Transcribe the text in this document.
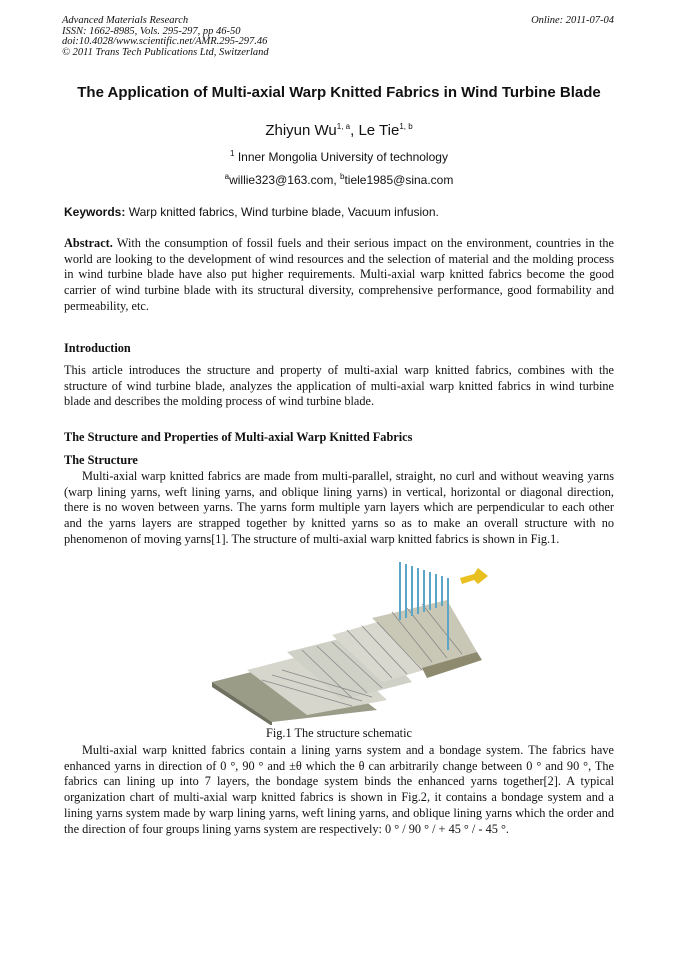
Advanced Materials Research
ISSN: 1662-8985, Vols. 295-297, pp 46-50
doi:10.4028/www.scientific.net/AMR.295-297.46
© 2011 Trans Tech Publications Ltd, Switzerland
Online: 2011-07-04
The Application of Multi-axial Warp Knitted Fabrics in Wind Turbine Blade
Zhiyun Wu$^{1, a}$, Le Tie$^{1, b}$
$^1$ Inner Mongolia University of technology
$^a$willie323@163.com, $^b$tiele1985@sina.com
Keywords: Warp knitted fabrics, Wind turbine blade, Vacuum infusion.
Abstract. With the consumption of fossil fuels and their serious impact on the environment, countries in the world are looking to the development of wind resources and the selection of material and the molding process in wind turbine blade have also put higher requirements. Multi-axial warp knitted fabrics become the good carrier of wind turbine blade with its structural diversity, comprehensive performance, good formability and permeability, etc.
Introduction
This article introduces the structure and property of multi-axial warp knitted fabrics, combines with the structure of wind turbine blade, analyzes the application of multi-axial warp knitted fabrics in wind turbine blade and describes the molding process of wind turbine blade.
The Structure and Properties of Multi-axial Warp Knitted Fabrics
The Structure
Multi-axial warp knitted fabrics are made from multi-parallel, straight, no curl and without weaving yarns (warp lining yarns, weft lining yarns, and oblique lining yarns) in vertical, horizontal or diagonal direction, there is no woven between yarns. The yarns form multiple yarn layers which are perpendicular to each other and the yarns layers are strapped together by knitted yarns so as to make an overall structure with no phenomenon of moving yarns[1]. The structure of multi-axial warp knitted fabrics is shown in Fig.1.
Fig.1 The structure schematic
Multi-axial warp knitted fabrics contain a lining yarns system and a bondage system. The fabrics have enhanced yarns in direction of 0 °, 90 ° and ±θ which the θ can arbitrarily change between 0 ° and 90 °, The fabrics can lining up into 7 layers, the bondage system binds the enhanced yarns together[2]. A typical organization chart of multi-axial warp knitted fabrics is shown in Fig.2, it contains a bondage system and a lining yarns system made by warp lining yarns, weft lining yarns, and oblique lining yarns which the order and the direction of four groups lining yarns system are respectively: 0 ° / 90 ° / + 45 ° / - 45 °.
